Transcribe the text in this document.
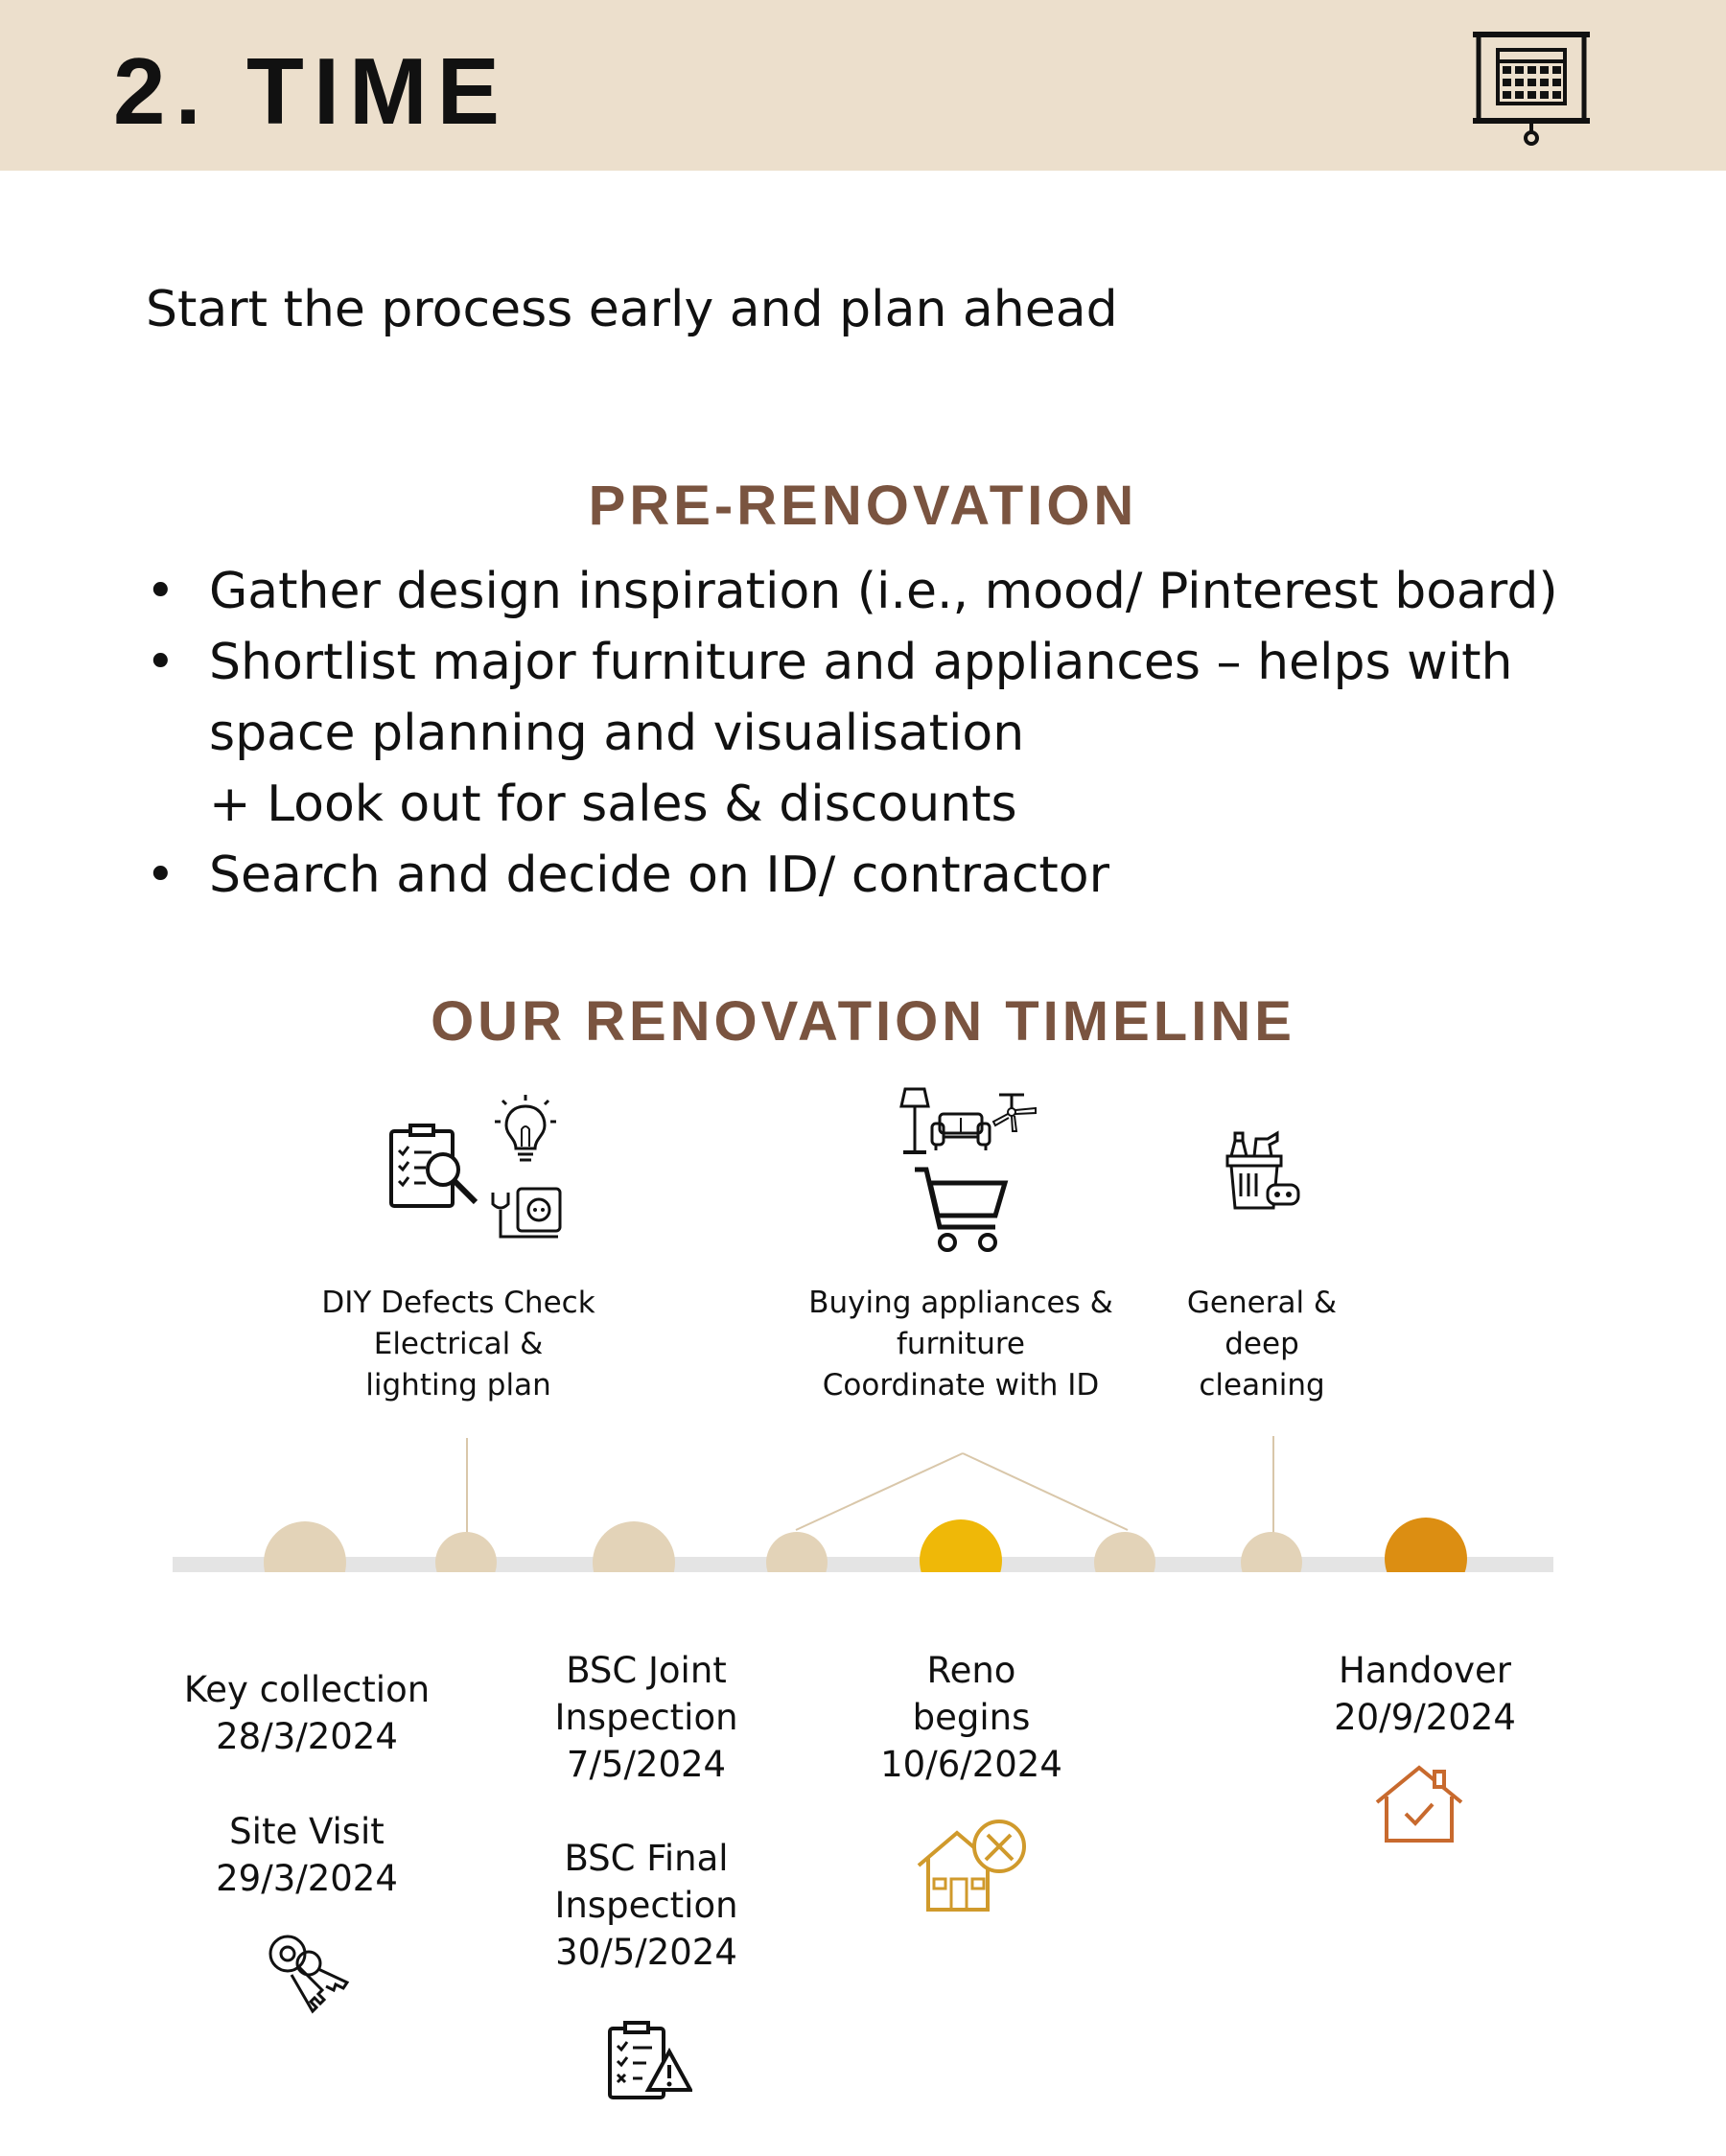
2. TIME
Start the process early and plan ahead
PRE-RENOVATION
• Gather design inspiration (i.e., mood/ Pinterest board)
• Shortlist major furniture and appliances – helps with
space planning and visualisation
+ Look out for sales & discounts
• Search and decide on ID/ contractor
OUR RENOVATION TIMELINE
DIY Defects Check
Electrical &
lighting plan
Buying appliances &
furniture
Coordinate with ID
General &
deep
cleaning
Key collection
28/3/2024
Site Visit
29/3/2024
BSC Joint
Inspection
7/5/2024
BSC Final
Inspection
30/5/2024
Reno
begins
10/6/2024
Handover
20/9/2024
